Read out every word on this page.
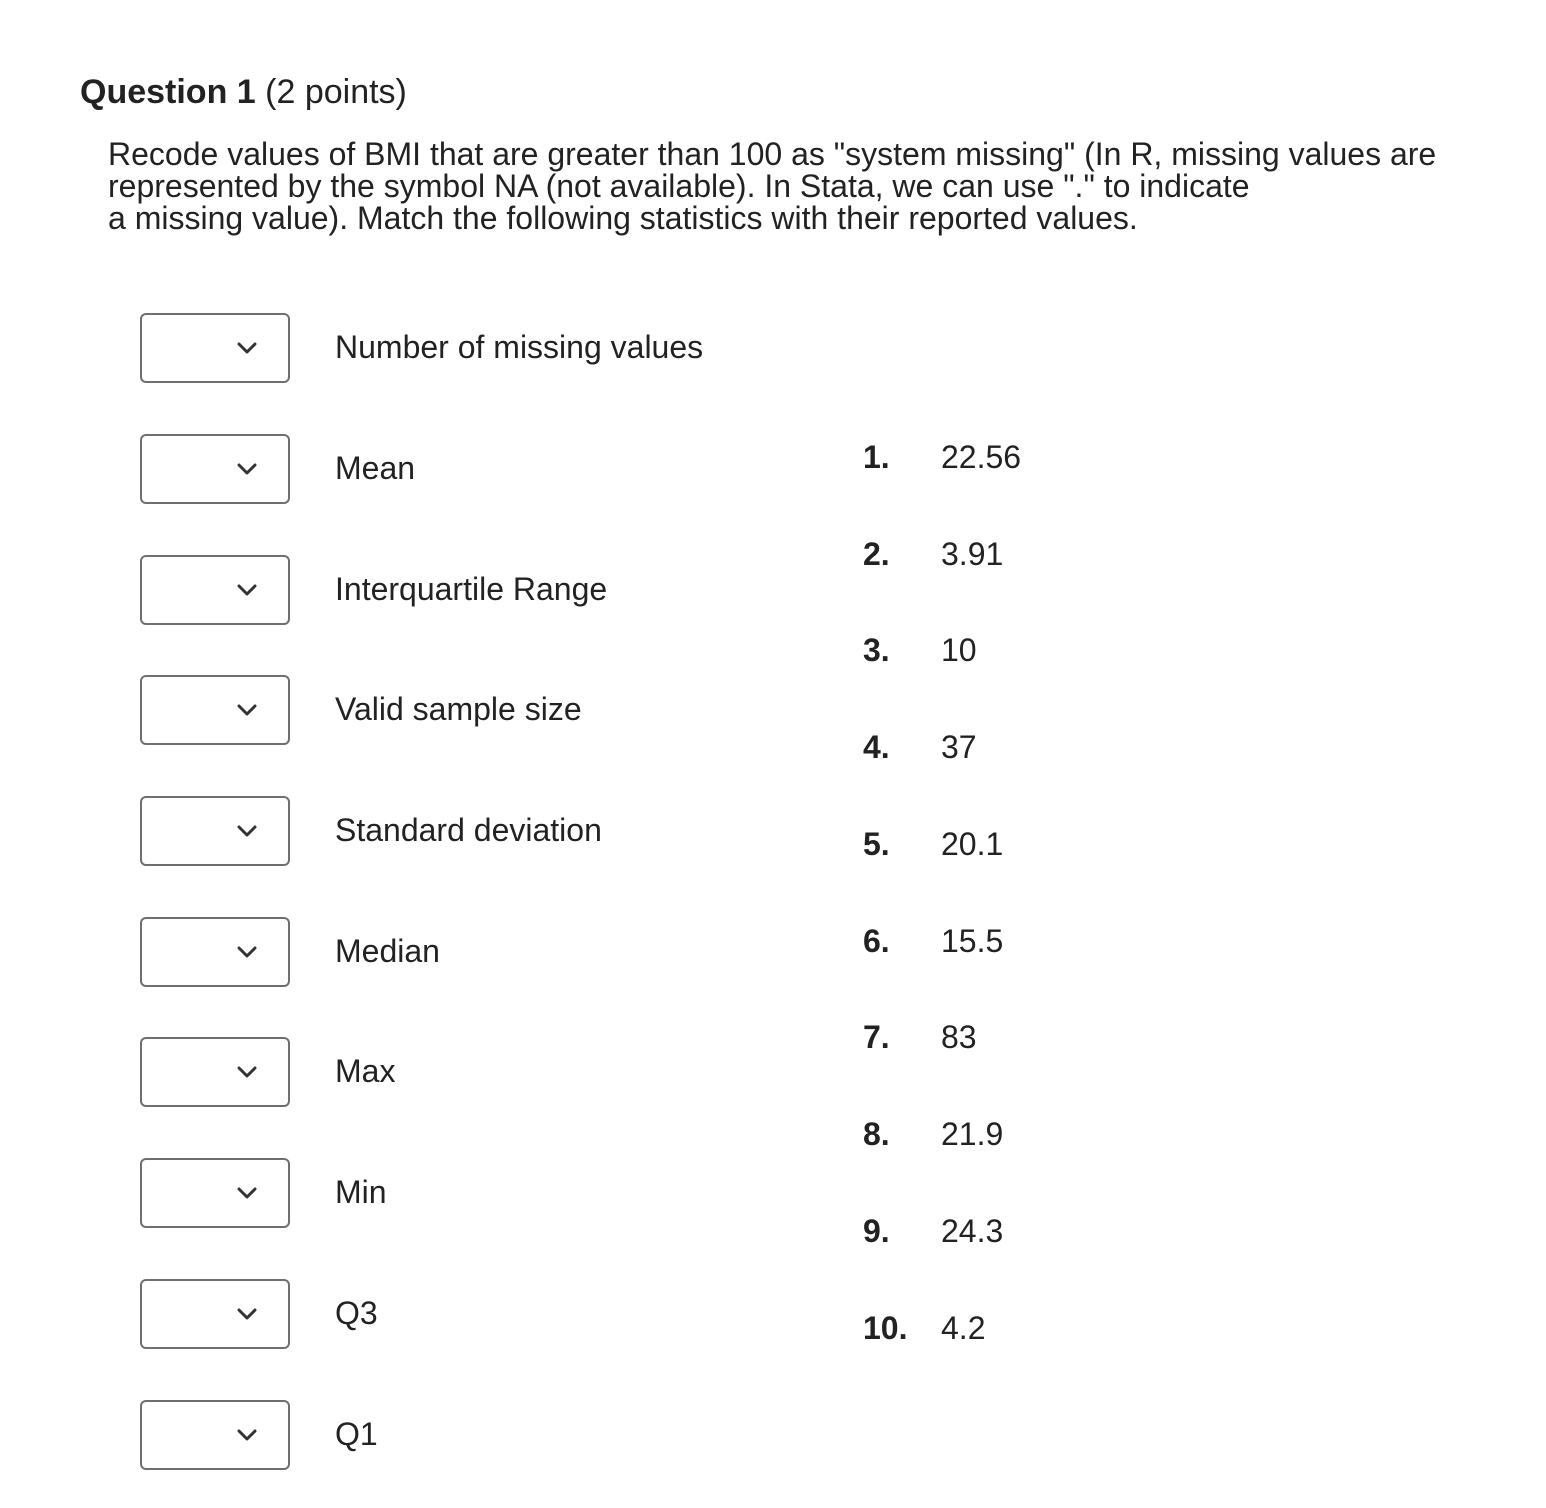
Question 1 (2 points)
Recode values of BMI that are greater than 100 as "system missing" (In R, missing values are
represented by the symbol NA (not available). In Stata, we can use "." to indicate
a missing value). Match the following statistics with their reported values.
Number of missing values
Mean
Interquartile Range
Valid sample size
Standard deviation
Median
Max
Min
Q3
Q1
1. 22.56
2. 3.91
3. 10
4. 37
5. 20.1
6. 15.5
7. 83
8. 21.9
9. 24.3
10. 4.2
